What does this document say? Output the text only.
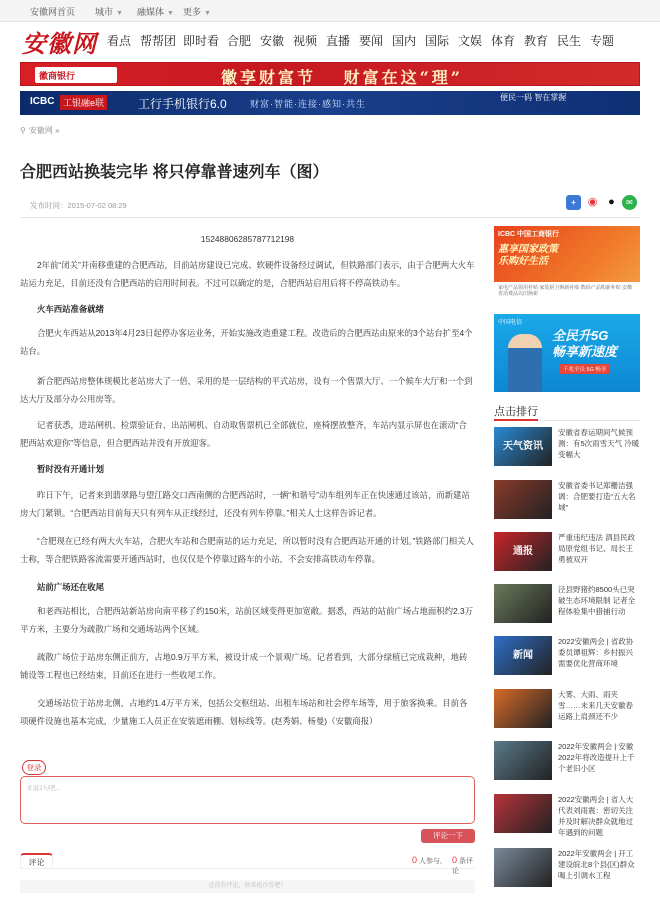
安徽网首页 城市 ▼ 融媒体 ▼ 更多 ▼
安徽网 看点 帮帮团 即时看 合肥 安徽 视频 直播 要闻 国内 国际 文娱 体育 教育 民生 专题
徽商银行	徽享财富节　 财富在这“理”
ICBC 工银融e联	工行手机银行6.0	财富·智能·连接·感知·共生
便民一码 智在掌握
⚲ 安徽网 »
合肥西站换装完毕 将只停靠普速列车（图）
发布时间：2015-07-02 08:29	+	◉ ●	✉

15248806285787712198

2年前“闭关”并南移重建的合肥西站，目前站房建设已完成、软硬件设备经过调试，但铁路部门表示，由于合肥两大火车站运力充足，目前还没有合肥西站的启用时间表。不过可以确定的是，合肥西站启用后将不停高铁动车。

火车西站准备就绪

合肥火车西站从2013年4月23日起停办客运业务，开始实施改造重建工程。改造后的合肥西站由原来的3个站台扩至4个站台。

新合肥西站房整体规模比老站房大了一倍，采用的是一层结构的平式站房，设有一个售票大厅、一个候车大厅和一个到达大厅及部分办公用房等。

记者获悉，进站闸机、检票验证台、出站闸机、自动取售票机已全部就位，座椅摆放整齐，车站内显示屏也在滚动“合肥西站欢迎你”等信息，但合肥西站并没有开放迎客。

暂时没有开通计划

昨日下午，记者来到翡翠路与望江路交口西南侧的合肥西站时，一辆“和谐号”动车组列车正在快速通过该站，而新建站房大门紧锁。“合肥西站目前每天只有列车从正线经过，还没有列车停靠。”相关人士这样告诉记者。

“合肥现在已经有两大火车站，合肥火车站和合肥南站的运力充足，所以暂时没有合肥西站开通的计划。”铁路部门相关人士称，等合肥铁路客流需要开通西站时，也仅仅是个停靠过路车的小站，不会安排高铁动车停靠。

站前广场还在收尾

和老西站相比，合肥西站新站房向南平移了约150米，站前区域变得更加宽敞。据悉，西站的站前广场占地面积约2.3万平方米，主要分为疏散广场和交通场站两个区域。

疏散广场位于站房东侧正前方，占地0.9万平方米，被设计成一个景观广场。记者看到，大部分绿植已完成栽种，地砖铺设等工程也已经结束，目前还在进行一些收尾工作。

交通场站位于站房北侧，占地约1.4万平方米，包括公交枢纽站、出租车场站和社会停车场等，用于旅客换乘。目前各项硬件设施也基本完成，少量施工人员正在安装遮雨棚、划标线等。(赵秀娟、杨曼)（安徽商报）

来说2句吧...
登录
评论一下
评论	0 人参与, 0 条评论
还没有评论，快来抢沙发吧！
ICBC 中国工商银行
惠享国家政策 乐购好生活
家电产品领用补贴 家装厨卫焕新补贴 数码产品购新补贴 安徽省消费品以旧换新
中国电信
全民升5G 畅享新速度
千兆全员 5G 畅享
点击排行
天气资讯
安徽省春运期间气候预测：有5次雨雪天气 冷暖变幅大
安徽省委书记郑栅洁强调：合肥要打造“五大名城”
通报
严重违纪违法 泗县民政局原党组书记、局长王勇被双开
泾县野猪约8500头已突破生态环境限制 记者全程体验集中猎捕行动
新闻
2022安徽两会 | 省政协委员谭祖辉：乡村振兴需要优化营商环境
大雾、大雨、雨夹雪……未来几天安徽春运路上肩颈还不少
2022年安徽两会 | 安徽2022年将改造提升上千个老旧小区
2022安徽两会 | 省人大代表刘雨震：密切关注并及时解决群众就地过年遇到的问题
2022年安徽两会 | 开工建设皖北8个县(区)群众喝上引调水工程
